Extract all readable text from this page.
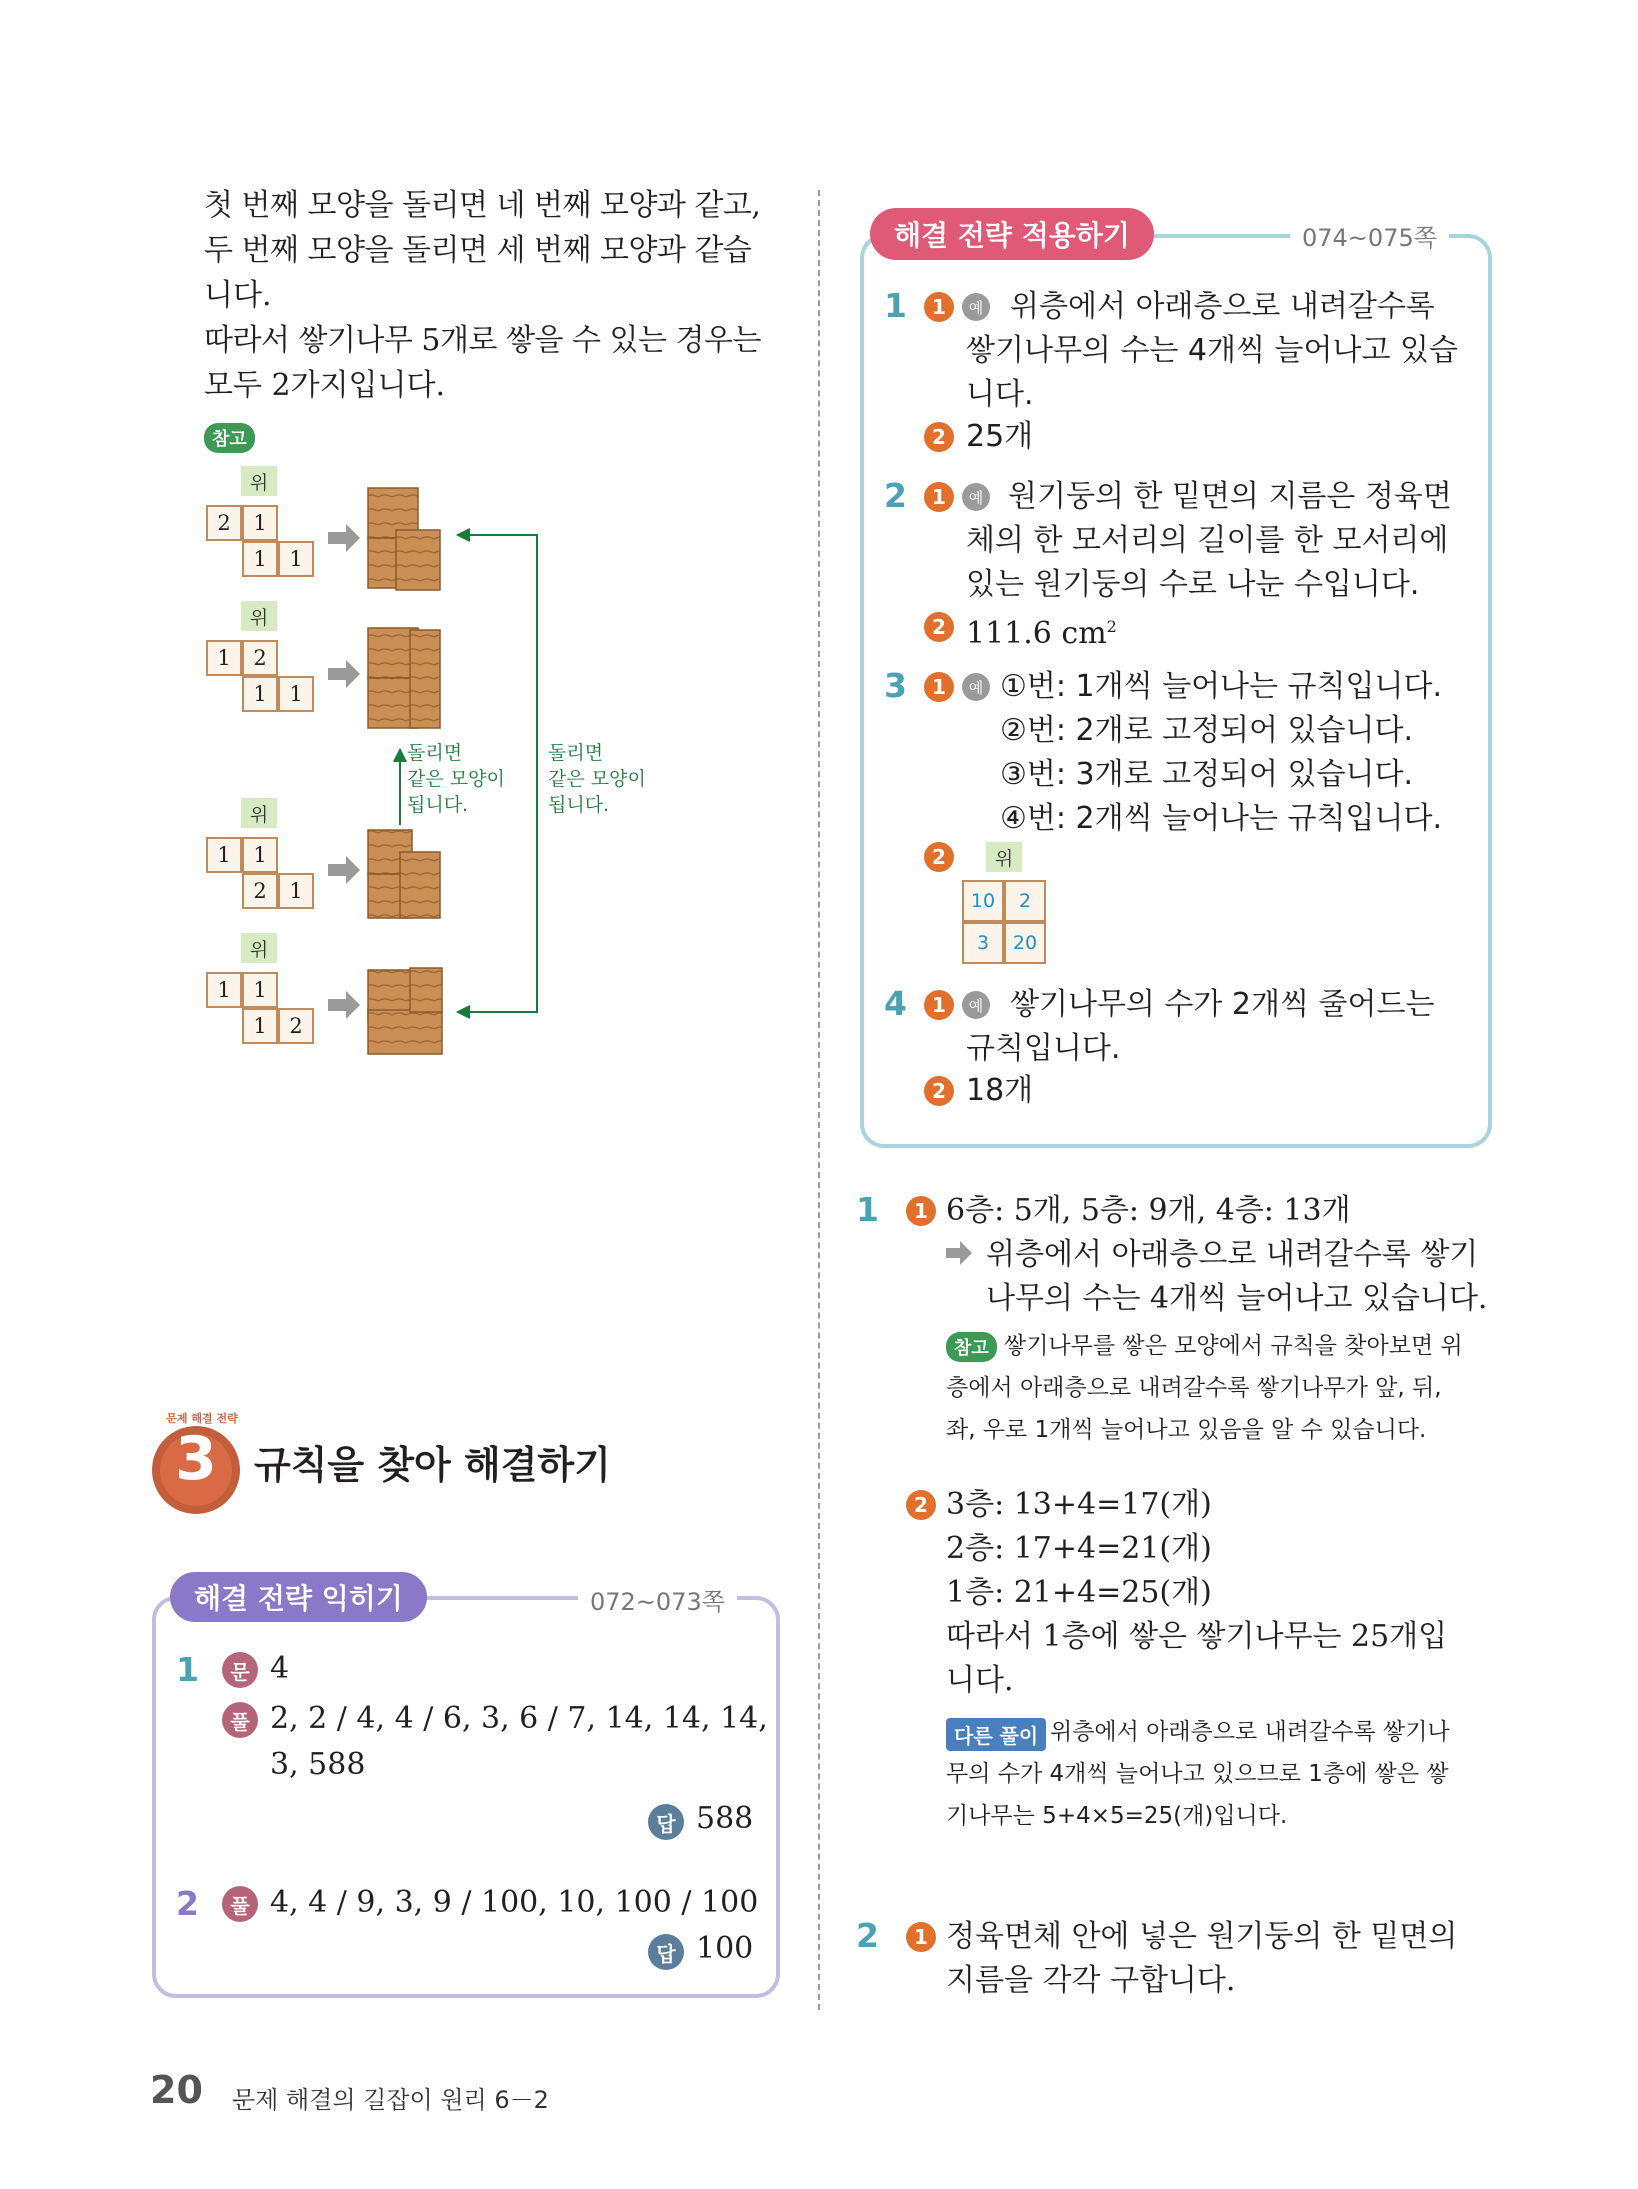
첫 번째 모양을 돌리면 네 번째 모양과 같고,

두 번째 모양을 돌리면 세 번째 모양과 같습

니다.

따라서 쌓기나무 5개로 쌓을 수 있는 경우는

모두 2가지입니다.

참고
위
2	1
1	1
위
1	2
1	1
위
1	1
2	1
위
1	1
1	2
돌리면
같은 모양이
됩니다.
돌리면
같은 모양이
됩니다.
3
문제 해결 전략
규칙을 찾아 해결하기
해결 전략 익히기	072~073쪽
1	문 4
풀 2, 2 / 4, 4 / 6, 3, 6 / 7, 14, 14, 14,
3, 588
답 588
2	풀 4, 4 / 9, 3, 9 / 100, 10, 100 / 100
답 100
해결 전략 적용하기	074~075쪽
1	1	예 위층에서 아래층으로 내려갈수록
쌓기나무의 수는 4개씩 늘어나고 있습
니다.
2 25개
2	1	예 원기둥의 한 밑면의 지름은 정육면
체의 한 모서리의 길이를 한 모서리에
있는 원기둥의 수로 나눈 수입니다.
2 111.6 $cm^2$
3	1	예 ①번: 1개씩 늘어나는 규칙입니다.
②번: 2개로 고정되어 있습니다.
③번: 3개로 고정되어 있습니다.
④번: 2개씩 늘어나는 규칙입니다.
2	위
10	2
3	20
4	1	예 쌓기나무의 수가 2개씩 줄어드는
규칙입니다.
2 18개
1	1 6층: 5개, 5층: 9개, 4층: 13개
위층에서 아래층으로 내려갈수록 쌓기
나무의 수는 4개씩 늘어나고 있습니다.
참고 쌓기나무를 쌓은 모양에서 규칙을 찾아보면 위
층에서 아래층으로 내려갈수록 쌓기나무가 앞, 뒤,
좌, 우로 1개씩 늘어나고 있음을 알 수 있습니다.
2 3층: 13+4=17(개)
2층: 17+4=21(개)
1층: 21+4=25(개)
따라서 1층에 쌓은 쌓기나무는 25개입
니다.
다른 풀이 위층에서 아래층으로 내려갈수록 쌓기나
무의 수가 4개씩 늘어나고 있으므로 1층에 쌓은 쌓
기나무는 5+4×5=25(개)입니다.
2	1 정육면체 안에 넣은 원기둥의 한 밑면의
지름을 각각 구합니다.
20 문제 해결의 길잡이 원리 6－2
